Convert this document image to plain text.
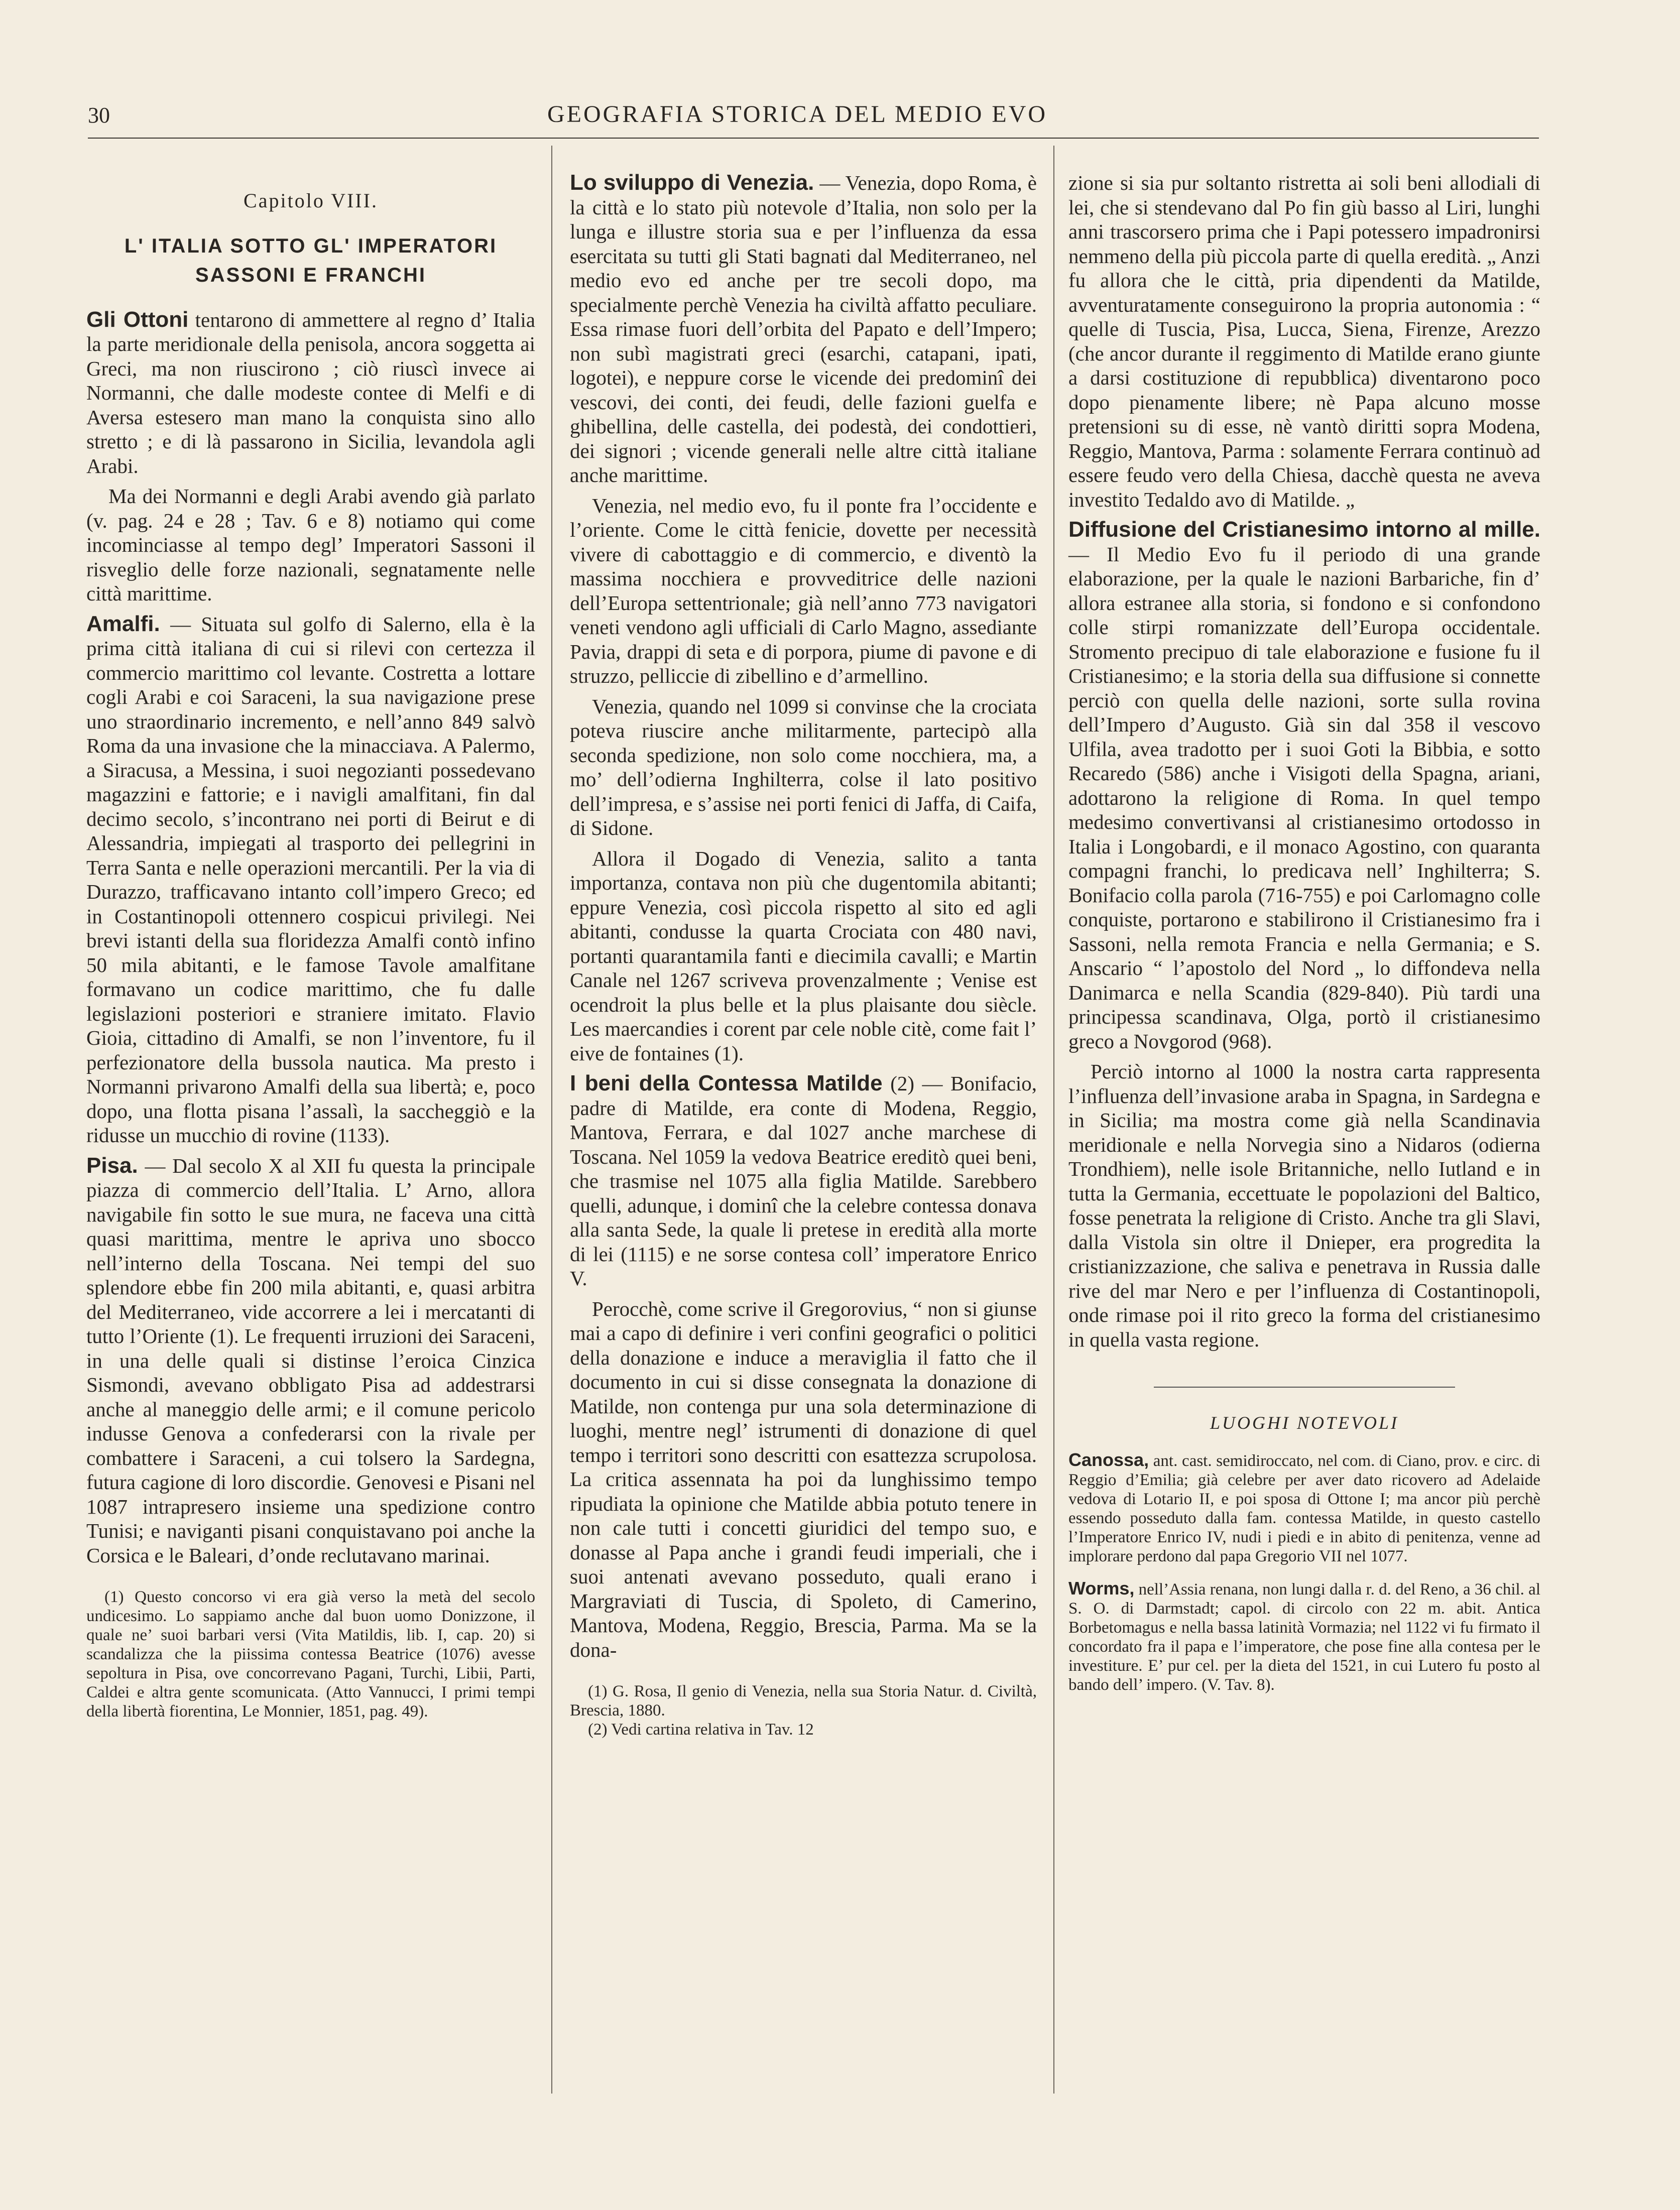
30	GEOGRAFIA STORICA DEL MEDIO EVO
Capitolo VIII.
L' ITALIA SOTTO GL' IMPERATORI
SASSONI E FRANCHI

Gli Ottoni tentarono di ammettere al regno d’ Italia la parte meridionale della penisola, ancora soggetta ai Greci, ma non riuscirono ; ciò riuscì invece ai Normanni, che dalle modeste contee di Melfi e di Aversa estesero man mano la conquista sino allo stretto ; e di là passarono in Sicilia, levandola agli Arabi.

Ma dei Normanni e degli Arabi avendo già parlato (v. pag. 24 e 28 ; Tav. 6 e 8) notiamo qui come incominciasse al tempo degl’ Imperatori Sassoni il risveglio delle forze nazionali, segnatamente nelle città marittime.

Amalfi. — Situata sul golfo di Salerno, ella è la prima città italiana di cui si rilevi con certezza il commercio marittimo col levante. Costretta a lottare cogli Arabi e coi Saraceni, la sua navigazione prese uno straordinario incremento, e nell’anno 849 salvò Roma da una invasione che la minacciava. A Palermo, a Siracusa, a Messina, i suoi negozianti possedevano magazzini e fattorie; e i navigli amalfitani, fin dal decimo secolo, s’incontrano nei porti di Beirut e di Alessandria, impiegati al trasporto dei pellegrini in Terra Santa e nelle operazioni mercantili. Per la via di Durazzo, trafficavano intanto coll’impero Greco; ed in Costantinopoli ottennero cospicui privilegi. Nei brevi istanti della sua floridezza Amalfi contò infino 50 mila abitanti, e le famose Tavole amalfitane formavano un codice marittimo, che fu dalle legislazioni posteriori e straniere imitato. Flavio Gioia, cittadino di Amalfi, se non l’inventore, fu il perfezionatore della bussola nautica. Ma presto i Normanni privarono Amalfi della sua libertà; e, poco dopo, una flotta pisana l’assalì, la saccheggiò e la ridusse un mucchio di rovine (1133).

Pisa. — Dal secolo X al XII fu questa la principale piazza di commercio dell’Italia. L’ Arno, allora navigabile fin sotto le sue mura, ne faceva una città quasi marittima, mentre le apriva uno sbocco nell’interno della Toscana. Nei tempi del suo splendore ebbe fin 200 mila abitanti, e, quasi arbitra del Mediterraneo, vide accorrere a lei i mercatanti di tutto l’Oriente (1). Le frequenti irruzioni dei Saraceni, in una delle quali si distinse l’eroica Cinzica Sismondi, avevano obbligato Pisa ad addestrarsi anche al maneggio delle armi; e il comune pericolo indusse Genova a confederarsi con la rivale per combattere i Saraceni, a cui tolsero la Sardegna, futura cagione di loro discordie. Genovesi e Pisani nel 1087 intrapresero insieme una spedizione contro Tunisi; e naviganti pisani conquistavano poi anche la Corsica e le Baleari, d’onde reclutavano marinai.

(1) Questo concorso vi era già verso la metà del secolo undicesimo. Lo sappiamo anche dal buon uomo Donizzone, il quale ne’ suoi barbari versi (Vita Matildis, lib. I, cap. 20) si scandalizza che la piissima contessa Beatrice (1076) avesse sepoltura in Pisa, ove concorrevano Pagani, Turchi, Libii, Parti, Caldei e altra gente scomunicata. (Atto Vannucci, I primi tempi della libertà fiorentina, Le Monnier, 1851, pag. 49).

Lo sviluppo di Venezia. — Venezia, dopo Roma, è la città e lo stato più notevole d’Italia, non solo per la lunga e illustre storia sua e per l’influenza da essa esercitata su tutti gli Stati bagnati dal Mediterraneo, nel medio evo ed anche per tre secoli dopo, ma specialmente perchè Venezia ha civiltà affatto peculiare. Essa rimase fuori dell’orbita del Papato e dell’Impero; non subì magistrati greci (esarchi, catapani, ipati, logotei), e neppure corse le vicende dei predominî dei vescovi, dei conti, dei feudi, delle fazioni guelfa e ghibellina, delle castella, dei podestà, dei condottieri, dei signori ; vicende generali nelle altre città italiane anche marittime.

Venezia, nel medio evo, fu il ponte fra l’occidente e l’oriente. Come le città fenicie, dovette per necessità vivere di cabottaggio e di commercio, e diventò la massima nocchiera e provveditrice delle nazioni dell’Europa settentrionale; già nell’anno 773 navigatori veneti vendono agli ufficiali di Carlo Magno, assediante Pavia, drappi di seta e di porpora, piume di pavone e di struzzo, pelliccie di zibellino e d’armellino.

Venezia, quando nel 1099 si convinse che la crociata poteva riuscire anche militarmente, partecipò alla seconda spedizione, non solo come nocchiera, ma, a mo’ dell’odierna Inghilterra, colse il lato positivo dell’impresa, e s’assise nei porti fenici di Jaffa, di Caifa, di Sidone.

Allora il Dogado di Venezia, salito a tanta importanza, contava non più che dugentomila abitanti; eppure Venezia, così piccola rispetto al sito ed agli abitanti, condusse la quarta Crociata con 480 navi, portanti quarantamila fanti e diecimila cavalli; e Martin Canale nel 1267 scriveva provenzalmente ; Venise est ocendroit la plus belle et la plus plaisante dou siècle. Les maercandies i corent par cele noble citè, come fait l’ eive de fontaines (1).

I beni della Contessa Matilde (2) — Bonifacio, padre di Matilde, era conte di Modena, Reggio, Mantova, Ferrara, e dal 1027 anche marchese di Toscana. Nel 1059 la vedova Beatrice ereditò quei beni, che trasmise nel 1075 alla figlia Matilde. Sarebbero quelli, adunque, i dominî che la celebre contessa donava alla santa Sede, la quale li pretese in eredità alla morte di lei (1115) e ne sorse contesa coll’ imperatore Enrico V.

Perocchè, come scrive il Gregorovius, “ non si giunse mai a capo di definire i veri confini geografici o politici della donazione e induce a meraviglia il fatto che il documento in cui si disse consegnata la donazione di Matilde, non contenga pur una sola determinazione di luoghi, mentre negl’ istrumenti di donazione di quel tempo i territori sono descritti con esattezza scrupolosa. La critica assennata ha poi da lunghissimo tempo ripudiata la opinione che Matilde abbia potuto tenere in non cale tutti i concetti giuridici del tempo suo, e donasse al Papa anche i grandi feudi imperiali, che i suoi antenati avevano posseduto, quali erano i Margraviati di Tuscia, di Spoleto, di Camerino, Mantova, Modena, Reggio, Brescia, Parma. Ma se la dona-

(1) G. Rosa, Il genio di Venezia, nella sua Storia Natur. d. Civiltà, Brescia, 1880.

(2) Vedi cartina relativa in Tav. 12

zione si sia pur soltanto ristretta ai soli beni allodiali di lei, che si stendevano dal Po fin giù basso al Liri, lunghi anni trascorsero prima che i Papi potessero impadronirsi nemmeno della più piccola parte di quella eredità. „ Anzi fu allora che le città, pria dipendenti da Matilde, avventuratamente conseguirono la propria autonomia : “ quelle di Tuscia, Pisa, Lucca, Siena, Firenze, Arezzo (che ancor durante il reggimento di Matilde erano giunte a darsi costituzione di repubblica) diventarono poco dopo pienamente libere; nè Papa alcuno mosse pretensioni su di esse, nè vantò diritti sopra Modena, Reggio, Mantova, Parma : solamente Ferrara continuò ad essere feudo vero della Chiesa, dacchè questa ne aveva investito Tedaldo avo di Matilde. „

Diffusione del Cristianesimo intorno al mille. — Il Medio Evo fu il periodo di una grande elaborazione, per la quale le nazioni Barbariche, fin d’ allora estranee alla storia, si fondono e si confondono colle stirpi romanizzate dell’Europa occidentale. Stromento precipuo di tale elaborazione e fusione fu il Cristianesimo; e la storia della sua diffusione si connette perciò con quella delle nazioni, sorte sulla rovina dell’Impero d’Augusto. Già sin dal 358 il vescovo Ulfila, avea tradotto per i suoi Goti la Bibbia, e sotto Recaredo (586) anche i Visigoti della Spagna, ariani, adottarono la religione di Roma. In quel tempo medesimo convertivansi al cristianesimo ortodosso in Italia i Longobardi, e il monaco Agostino, con quaranta compagni franchi, lo predicava nell’ Inghilterra; S. Bonifacio colla parola (716-755) e poi Carlomagno colle conquiste, portarono e stabilirono il Cristianesimo fra i Sassoni, nella remota Francia e nella Germania; e S. Anscario “ l’apostolo del Nord „ lo diffondeva nella Danimarca e nella Scandia (829-840). Più tardi una principessa scandinava, Olga, portò il cristianesimo greco a Novgorod (968).

Perciò intorno al 1000 la nostra carta rappresenta l’influenza dell’invasione araba in Spagna, in Sardegna e in Sicilia; ma mostra come già nella Scandinavia meridionale e nella Norvegia sino a Nidaros (odierna Trondhiem), nelle isole Britanniche, nello Iutland e in tutta la Germania, eccettuate le popolazioni del Baltico, fosse penetrata la religione di Cristo. Anche tra gli Slavi, dalla Vistola sin oltre il Dnieper, era progredita la cristianizzazione, che saliva e penetrava in Russia dalle rive del mar Nero e per l’influenza di Costantinopoli, onde rimase poi il rito greco la forma del cristianesimo in quella vasta regione.

LUOGHI NOTEVOLI
Canossa, ant. cast. semidiroccato, nel com. di Ciano, prov. e circ. di Reggio d’Emilia; già celebre per aver dato ricovero ad Adelaide vedova di Lotario II, e poi sposa di Ottone I; ma ancor più perchè essendo posseduto dalla fam. contessa Matilde, in questo castello l’Imperatore Enrico IV, nudi i piedi e in abito di penitenza, venne ad implorare perdono dal papa Gregorio VII nel 1077.
Worms, nell’Assia renana, non lungi dalla r. d. del Reno, a 36 chil. al S. O. di Darmstadt; capol. di circolo con 22 m. abit. Antica Borbetomagus e nella bassa latinità Vormazia; nel 1122 vi fu firmato il concordato fra il papa e l’imperatore, che pose fine alla contesa per le investiture. E’ pur cel. per la dieta del 1521, in cui Lutero fu posto al bando dell’ impero. (V. Tav. 8).
